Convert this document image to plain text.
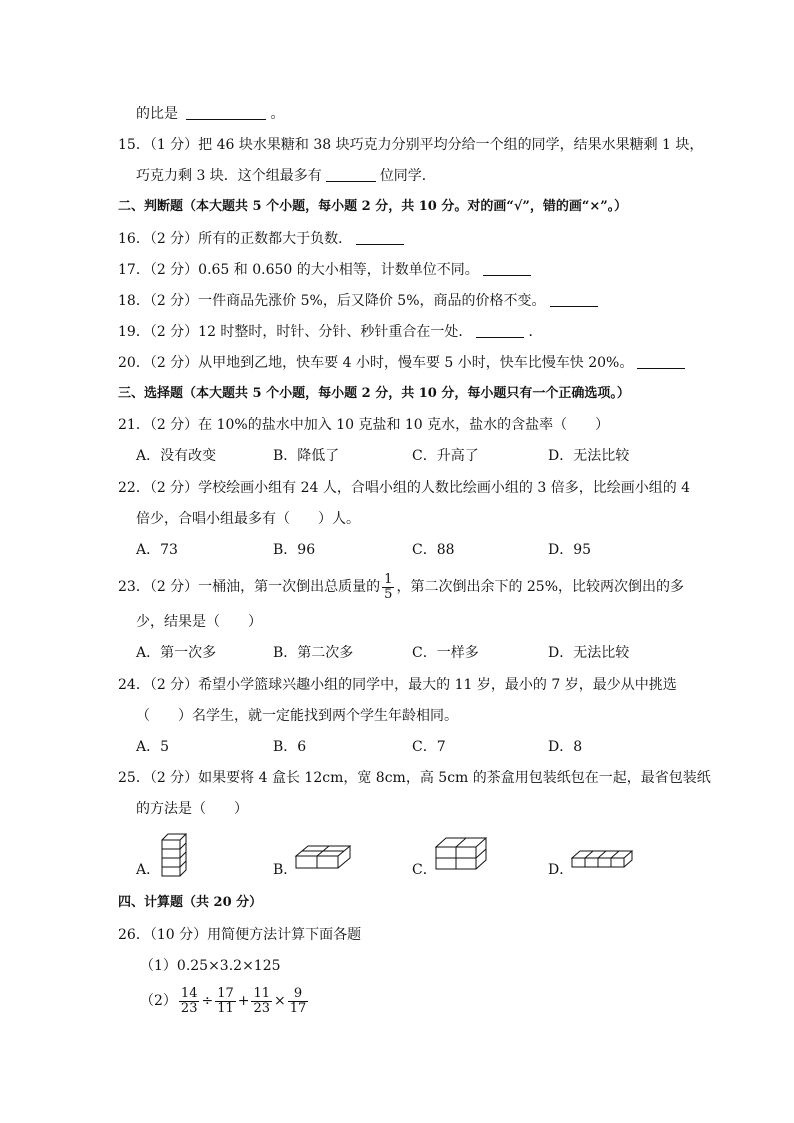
的比是	。
15．（1 分）把 46 块水果糖和 38 块巧克力分别平均分给一个组的同学，结果水果糖剩 1 块，
巧克力剩 3 块．这个组最多有	位同学．
二、判断题（本大题共 5 个小题，每小题 2 分，共 10 分。对的画“√”，错的画“×”。）
16．（2 分）所有的正数都大于负数．
17．（2 分）0.65 和 0.650 的大小相等，计数单位不同。
18．（2 分）一件商品先涨价 5%，后又降价 5%，商品的价格不变。
19．（2 分）12 时整时，时针、分针、秒针重合在一处．	．
20．（2 分）从甲地到乙地，快车要 4 小时，慢车要 5 小时，快车比慢车快 20%。
三、选择题（本大题共 5 个小题，每小题 2 分，共 10 分，每小题只有一个正确选项。）
21．（2 分）在 10%的盐水中加入 10 克盐和 10 克水，盐水的含盐率（　　）
A．没有改变	B．降低了	C．升高了	D．无法比较
22．（2 分）学校绘画小组有 24 人，合唱小组的人数比绘画小组的 3 倍多，比绘画小组的 4
倍少，合唱小组最多有（　　）人。
A．73	B．96	C．88	D．95
23．（2 分）一桶油，第一次倒出总质量的 $\frac{1}{5}$ ，第二次倒出余下的 25%，比较两次倒出的多
少，结果是（　　）
A．第一次多	B．第二次多	C．一样多	D．无法比较
24．（2 分）希望小学篮球兴趣小组的同学中，最大的 11 岁，最小的 7 岁，最少从中挑选
（　　）名学生，就一定能找到两个学生年龄相同。
A．5	B．6	C．7	D．8
25．（2 分）如果要将 4 盒长 12cm，宽 8cm，高 5cm 的茶盒用包装纸包在一起，最省包装纸
的方法是（　　）
A．	B．	C．	D．
四、计算题（共 20 分）
26．（10 分）用简便方法计算下面各题
（1）0.25×3.2×125
$(2) \frac{14}{23} \div \frac{17}{11} + \frac{11}{23} \times \frac{9}{17}$
